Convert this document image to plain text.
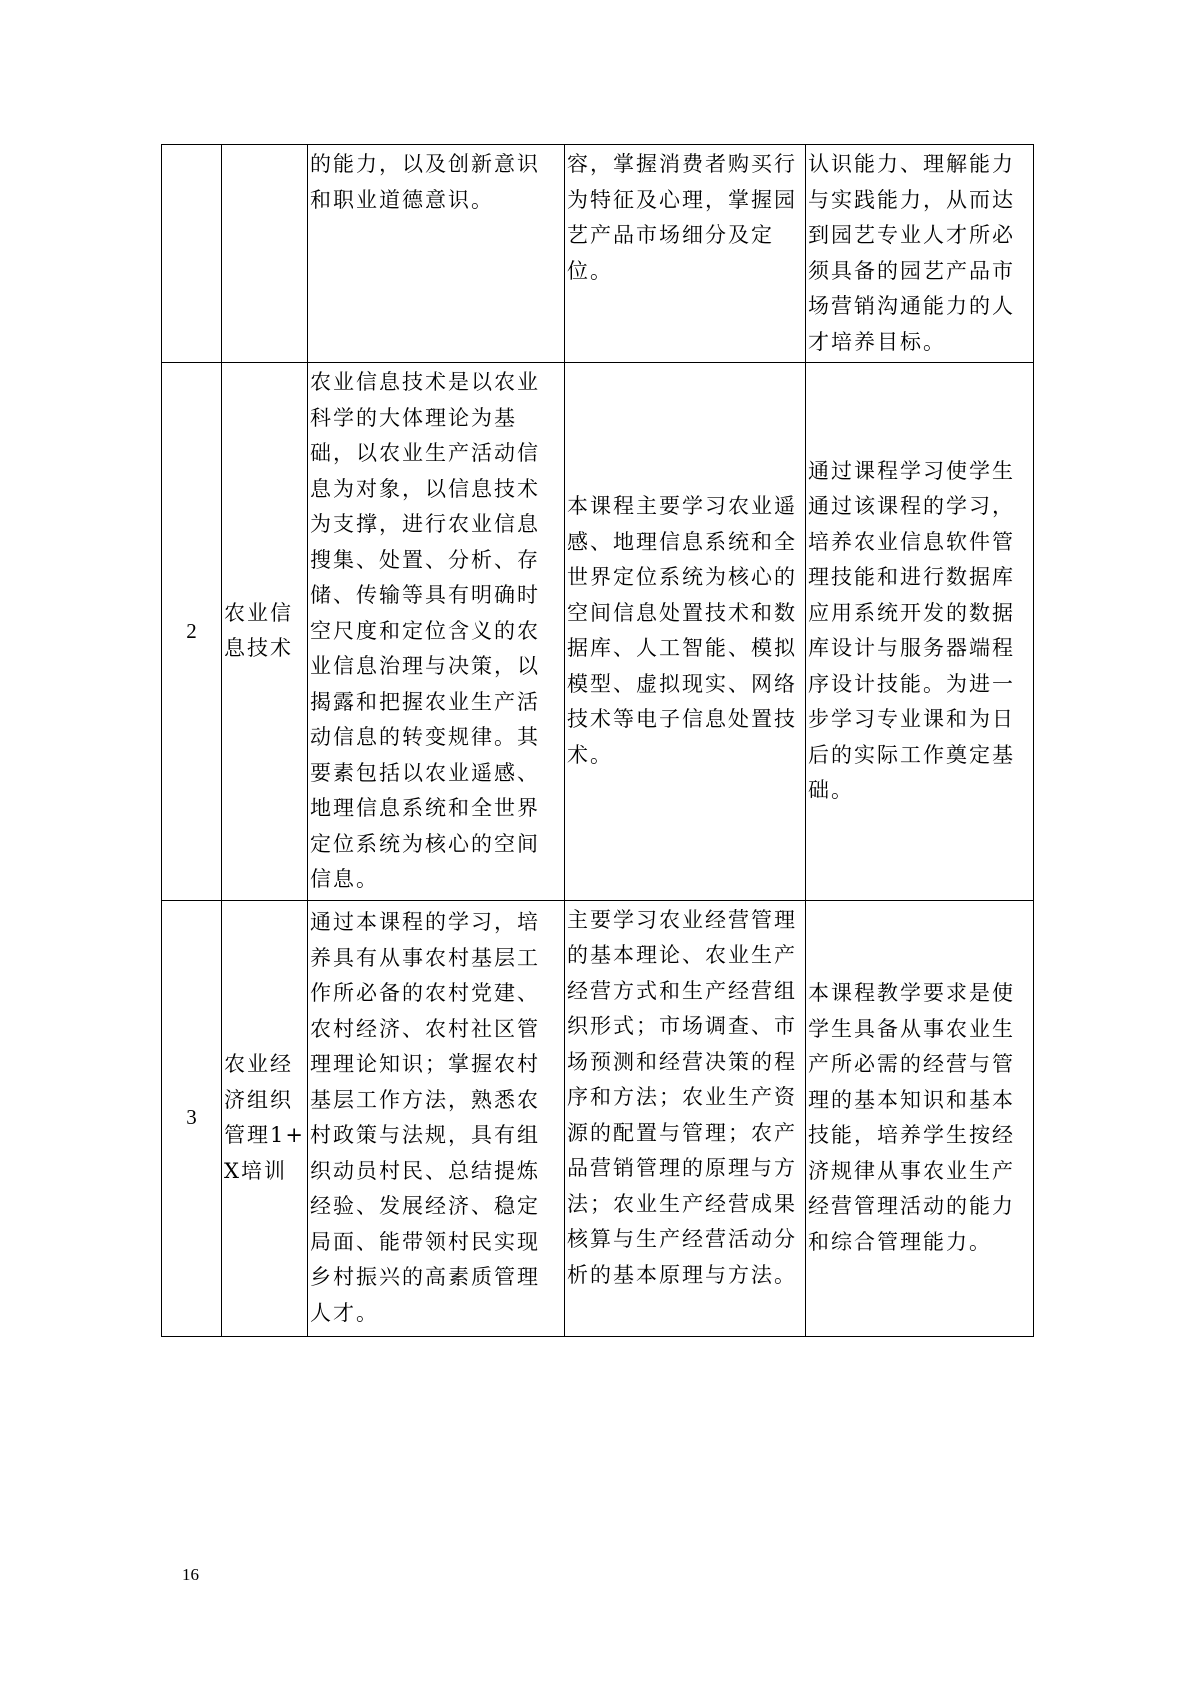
		的能力，以及创新意识和职业道德意识。	容，掌握消费者购买行为特征及心理，掌握园艺产品市场细分及定位。	认识能力、理解能力与实践能力，从而达到园艺专业人才所必须具备的园艺产品市场营销沟通能力的人才培养目标。
2	农业信息技术	农业信息技术是以农业科学的大体理论为基础，以农业生产活动信息为对象，以信息技术为支撑，进行农业信息搜集、处置、分析、存储、传输等具有明确时空尺度和定位含义的农业信息治理与决策，以揭露和把握农业生产活动信息的转变规律。其要素包括以农业遥感、地理信息系统和全世界定位系统为核心的空间信息。	本课程主要学习农业遥感、地理信息系统和全世界定位系统为核心的空间信息处置技术和数据库、人工智能、模拟模型、虚拟现实、网络技术等电子信息处置技术。	通过课程学习使学生通过该课程的学习，培养农业信息软件管理技能和进行数据库应用系统开发的数据库设计与服务器端程序设计技能。为进一步学习专业课和为日后的实际工作奠定基础。
3	农业经济组织管理1+X培训	通过本课程的学习，培养具有从事农村基层工作所必备的农村党建、农村经济、农村社区管理理论知识；掌握农村基层工作方法，熟悉农村政策与法规，具有组织动员村民、总结提炼经验、发展经济、稳定局面、能带领村民实现乡村振兴的高素质管理人才。	主要学习农业经营管理的基本理论、农业生产经营方式和生产经营组织形式；市场调查、市场预测和经营决策的程序和方法；农业生产资源的配置与管理；农产品营销管理的原理与方法；农业生产经营成果核算与生产经营活动分析的基本原理与方法。	本课程教学要求是使学生具备从事农业生产所必需的经营与管理的基本知识和基本技能，培养学生按经济规律从事农业生产经营管理活动的能力和综合管理能力。
16
